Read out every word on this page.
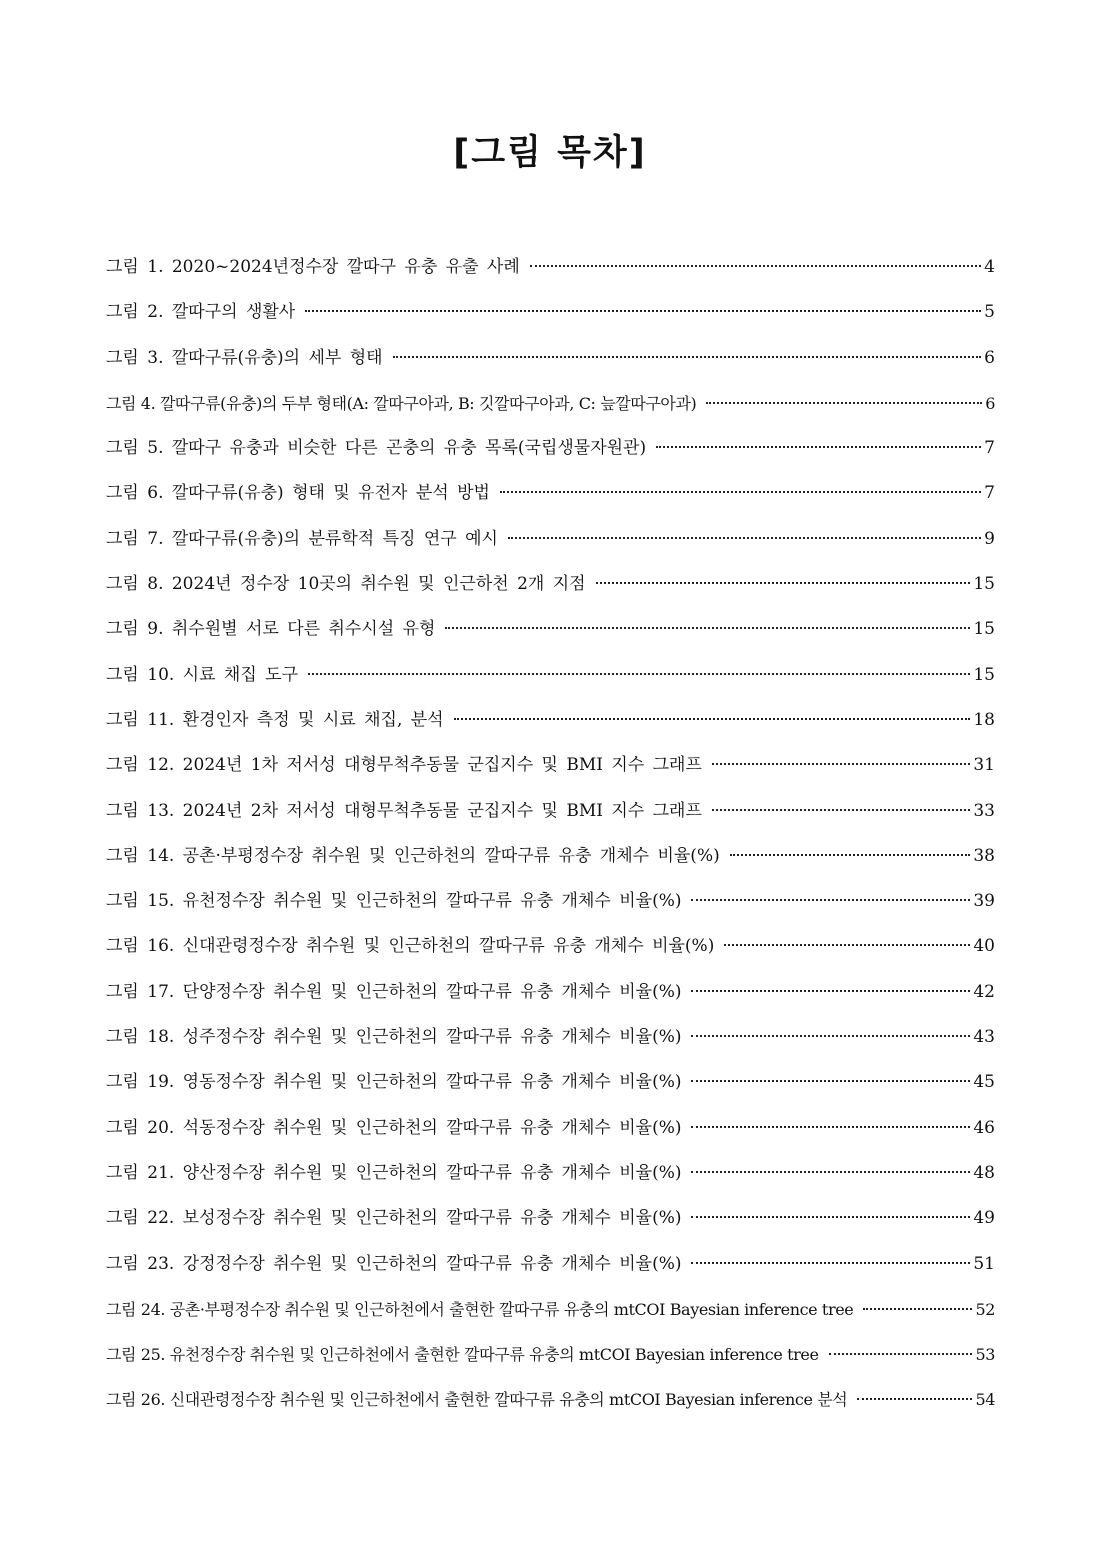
[그림 목차]
그림 1. 2020~2024년정수장 깔따구 유충 유출 사례	4
그림 2. 깔따구의 생활사	5
그림 3. 깔따구류(유충)의 세부 형태	6
그림 4. 깔따구류(유충)의 두부 형태(A: 깔따구아과, B: 깃깔따구아과, C: 늪깔따구아과)	6
그림 5. 깔따구 유충과 비슷한 다른 곤충의 유충 목록(국립생물자원관)	7
그림 6. 깔따구류(유충) 형태 및 유전자 분석 방법	7
그림 7. 깔따구류(유충)의 분류학적 특징 연구 예시	9
그림 8. 2024년 정수장 10곳의 취수원 및 인근하천 2개 지점	15
그림 9. 취수원별 서로 다른 취수시설 유형	15
그림 10. 시료 채집 도구	15
그림 11. 환경인자 측정 및 시료 채집, 분석	18
그림 12. 2024년 1차 저서성 대형무척추동물 군집지수 및 BMI 지수 그래프	31
그림 13. 2024년 2차 저서성 대형무척추동물 군집지수 및 BMI 지수 그래프	33
그림 14. 공촌·부평정수장 취수원 및 인근하천의 깔따구류 유충 개체수 비율(%)	38
그림 15. 유천정수장 취수원 및 인근하천의 깔따구류 유충 개체수 비율(%)	39
그림 16. 신대관령정수장 취수원 및 인근하천의 깔따구류 유충 개체수 비율(%)	40
그림 17. 단양정수장 취수원 및 인근하천의 깔따구류 유충 개체수 비율(%)	42
그림 18. 성주정수장 취수원 및 인근하천의 깔따구류 유충 개체수 비율(%)	43
그림 19. 영동정수장 취수원 및 인근하천의 깔따구류 유충 개체수 비율(%)	45
그림 20. 석동정수장 취수원 및 인근하천의 깔따구류 유충 개체수 비율(%)	46
그림 21. 양산정수장 취수원 및 인근하천의 깔따구류 유충 개체수 비율(%)	48
그림 22. 보성정수장 취수원 및 인근하천의 깔따구류 유충 개체수 비율(%)	49
그림 23. 강정정수장 취수원 및 인근하천의 깔따구류 유충 개체수 비율(%)	51
그림 24. 공촌·부평정수장 취수원 및 인근하천에서 출현한 깔따구류 유충의 mtCOI Bayesian inference tree	52
그림 25. 유천정수장 취수원 및 인근하천에서 출현한 깔따구류 유충의 mtCOI Bayesian inference tree	53
그림 26. 신대관령정수장 취수원 및 인근하천에서 출현한 깔따구류 유충의 mtCOI Bayesian inference 분석	54
